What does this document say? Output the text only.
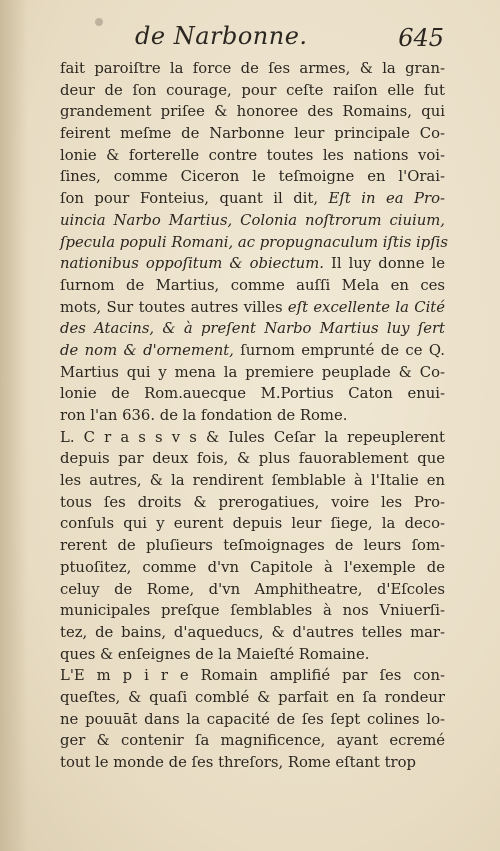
de Narbonne.	645
fait paroiſtre la force de ſes armes, & la gran-
deur de ſon courage, pour ceſte raiſon elle fut
grandement priſee & honoree des Romains, qui
feirent meſme de Narbonne leur principale Co-
lonie & forterelle contre toutes les nations voi-
ſines, comme Ciceron le teſmoigne en l'Orai-
ſon pour Fonteius, quant il dit, Eſt in ea Pro-
uincia Narbo Martius, Colonia noſtrorum ciuium,
ſpecula populi Romani, ac propugnaculum iſtis ipſis
nationibus oppoſitum & obiectum. Il luy donne le
ſurnom de Martius, comme auſſi Mela en ces
mots, Sur toutes autres villes eſt excellente la Cité
des Atacins, & à preſent Narbo Martius luy ſert
de nom & d'ornement, ſurnom emprunté de ce Q.
Martius qui y mena la premiere peuplade & Co-
lonie de Rom.auecque M.Portius Caton enui-
ron l'an 636. de la fondation de Rome.
L. C r a s s v s & Iules Ceſar la repeuplerent
depuis par deux fois, & plus fauorablement que
les autres, & la rendirent ſemblable à l'Italie en
tous ſes droits & prerogatiues, voire les Pro-
conſuls qui y eurent depuis leur ſiege, la deco-
rerent de pluſieurs teſmoignages de leurs ſom-
ptuoſitez, comme d'vn Capitole à l'exemple de
celuy de Rome, d'vn Amphitheatre, d'Eſcoles
municipales preſque ſemblables à nos Vniuerſi-
tez, de bains, d'aqueducs, & d'autres telles mar-
ques & enſeignes de la Maieſté Romaine.
L'E m p i r e Romain amplifié par ſes con-
queſtes, & quaſi comblé & parfait en ſa rondeur
ne pouuāt dans la capacité de ſes ſept colines lo-
ger & contenir ſa magnificence, ayant ecremé
tout le monde de ſes threſors, Rome eſtant trop
